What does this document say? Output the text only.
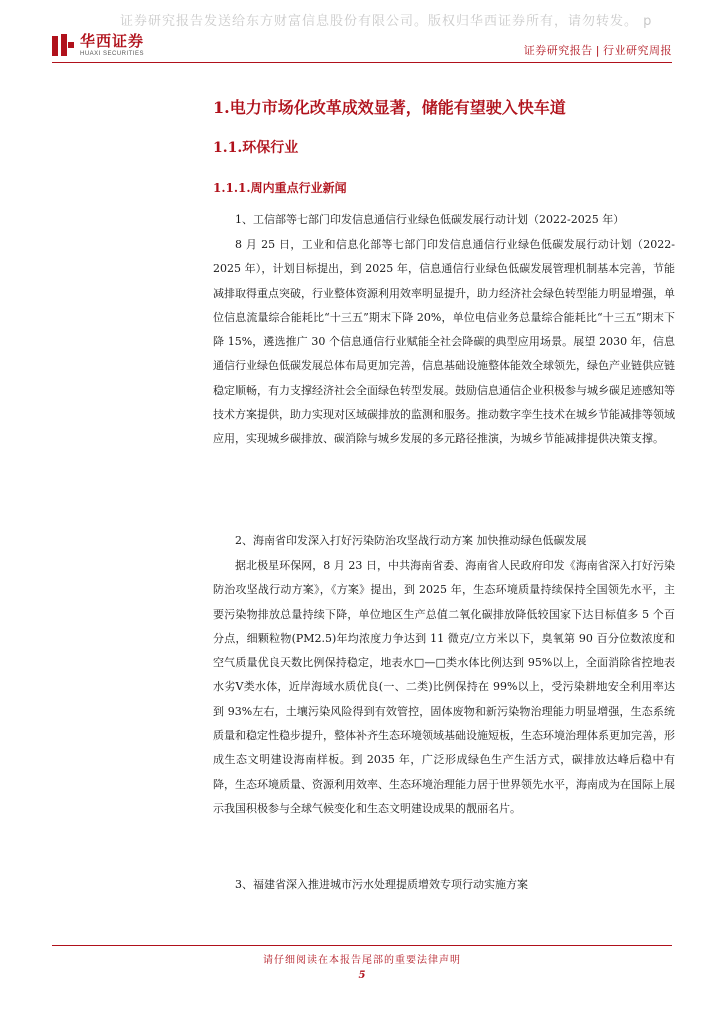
证券研究报告发送给东方财富信息股份有限公司。版权归华西证券所有，请勿转发。 p
华西证券
HUAXI SECURITIES	证券研究报告 | 行业研究周报
1.电力市场化改革成效显著，储能有望驶入快车道
1.1.环保行业
1.1.1.周内重点行业新闻
1、工信部等七部门印发信息通信行业绿色低碳发展行动计划（2022-2025 年）
8 月 25 日，工业和信息化部等七部门印发信息通信行业绿色低碳发展行动计划（2022-2025 年），计划目标提出，到 2025 年，信息通信行业绿色低碳发展管理机制基本完善，节能减排取得重点突破，行业整体资源利用效率明显提升，助力经济社会绿色转型能力明显增强，单位信息流量综合能耗比“十三五”期末下降 20%，单位电信业务总量综合能耗比“十三五”期末下降 15%，遴选推广 30 个信息通信行业赋能全社会降碳的典型应用场景。展望 2030 年，信息通信行业绿色低碳发展总体布局更加完善，信息基础设施整体能效全球领先，绿色产业链供应链稳定顺畅，有力支撑经济社会全面绿色转型发展。鼓励信息通信企业积极参与城乡碳足迹感知等技术方案提供，助力实现对区域碳排放的监测和服务。推动数字孪生技术在城乡节能减排等领域应用，实现城乡碳排放、碳消除与城乡发展的多元路径推演，为城乡节能减排提供决策支撑。
2、海南省印发深入打好污染防治攻坚战行动方案 加快推动绿色低碳发展
据北极星环保网，8 月 23 日，中共海南省委、海南省人民政府印发《海南省深入打好污染防治攻坚战行动方案》，《方案》提出，到 2025 年，生态环境质量持续保持全国领先水平，主要污染物排放总量持续下降，单位地区生产总值二氧化碳排放降低较国家下达目标值多 5 个百分点，细颗粒物(PM2.5)年均浓度力争达到 11 微克/立方米以下，臭氧第 90 百分位数浓度和空气质量优良天数比例保持稳定，地表水□—□类水体比例达到 95%以上，全面消除省控地表水劣Ⅴ类水体，近岸海域水质优良(一、二类)比例保持在 99%以上，受污染耕地安全利用率达到 93%左右，土壤污染风险得到有效管控，固体废物和新污染物治理能力明显增强，生态系统质量和稳定性稳步提升，整体补齐生态环境领域基础设施短板，生态环境治理体系更加完善，形成生态文明建设海南样板。到 2035 年，广泛形成绿色生产生活方式，碳排放达峰后稳中有降，生态环境质量、资源利用效率、生态环境治理能力居于世界领先水平，海南成为在国际上展示我国积极参与全球气候变化和生态文明建设成果的靓丽名片。
3、福建省深入推进城市污水处理提质增效专项行动实施方案
请仔细阅读在本报告尾部的重要法律声明
5
